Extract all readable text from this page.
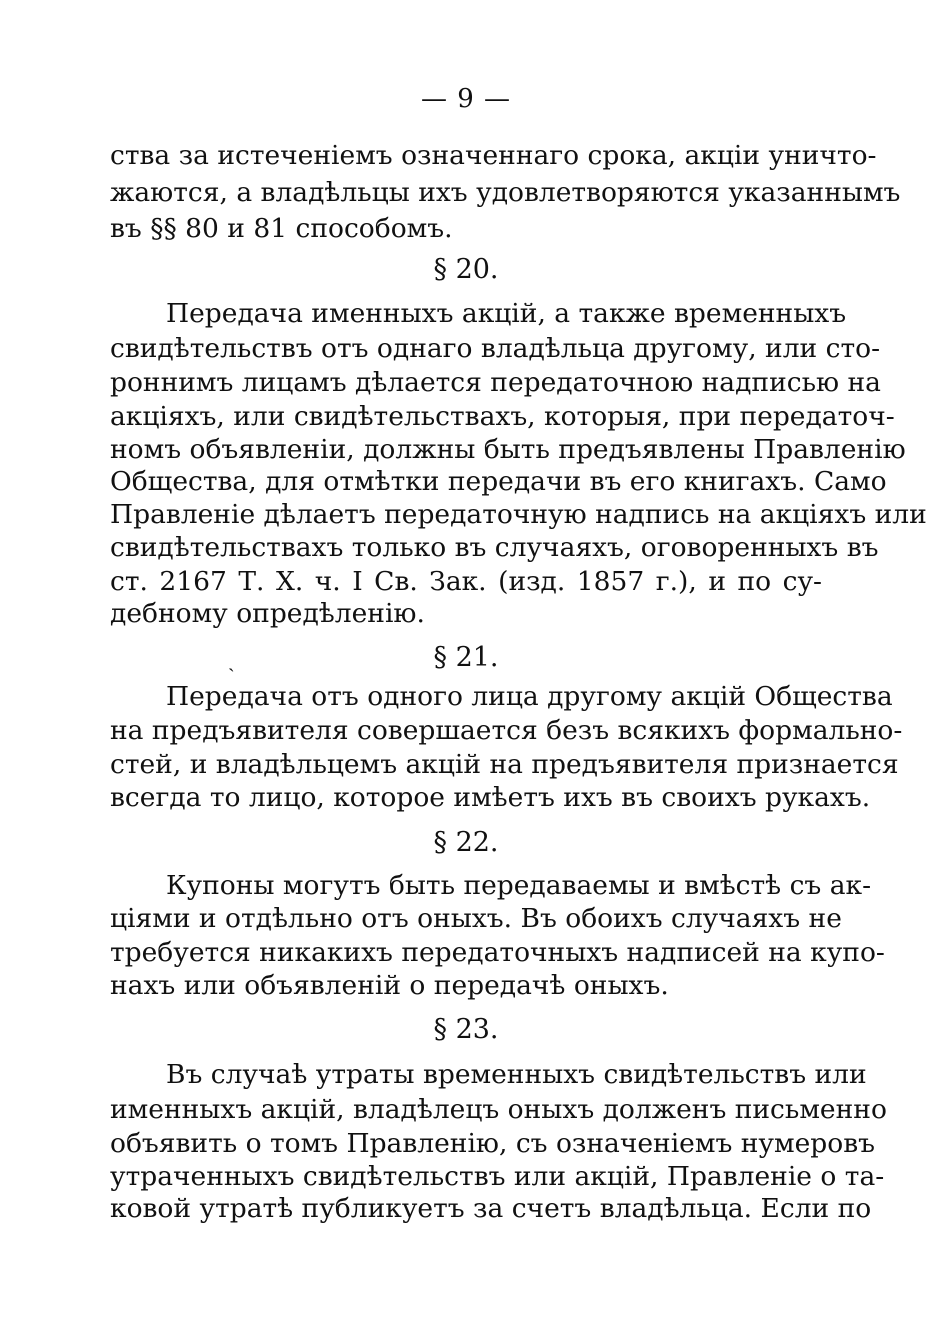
— 9 —
ства за истеченіемъ означеннаго срока, акціи уничто-
жаются, а владѣльцы ихъ удовлетворяются указаннымъ
въ §§ 80 и 81 способомъ.
§ 20.
Передача именныхъ акцій, а также временныхъ
свидѣтельствъ отъ однаго владѣльца другому, или сто-
роннимъ лицамъ дѣлается передаточною надписью на
акціяхъ, или свидѣтельствахъ, которыя, при передаточ-
номъ объявленіи, должны быть предъявлены Правленію
Общества, для отмѣтки передачи въ его книгахъ. Само
Правленіе дѣлаетъ передаточную надпись на акціяхъ или
свидѣтельствахъ только въ случаяхъ, оговоренныхъ въ
ст. 2167 Т. X. ч. I Св. Зак. (изд. 1857 г.), и по су-
дебному опредѣленію.
ˎ	§ 21.
Передача отъ одного лица другому акцій Общества
на предъявителя совершается безъ всякихъ формально-
стей, и владѣльцемъ акцій на предъявителя признается
всегда то лицо, которое имѣетъ ихъ въ своихъ рукахъ.
§ 22.
Купоны могутъ быть передаваемы и вмѣстѣ съ ак-
ціями и отдѣльно отъ оныхъ. Въ обоихъ случаяхъ не
требуется никакихъ передаточныхъ надписей на купо-
нахъ или объявленій о передачѣ оныхъ.
§ 23.
Въ случаѣ утраты временныхъ свидѣтельствъ или
именныхъ акцій, владѣлецъ оныхъ долженъ письменно
объявить о томъ Правленію, съ означеніемъ нумеровъ
утраченныхъ свидѣтельствъ или акцій, Правленіе о та-
ковой утратѣ публикуетъ за счетъ владѣльца. Если по
